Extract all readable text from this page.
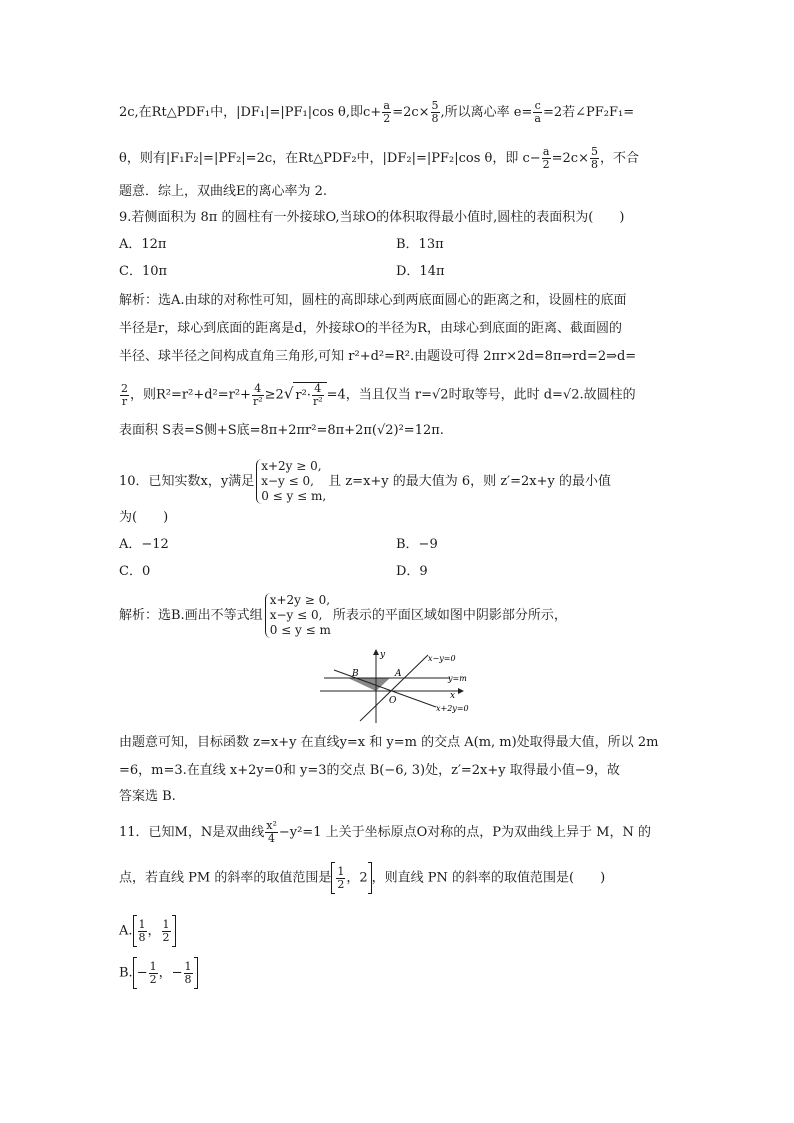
2c,在Rt△PDF₁中，|DF₁|=|PF₁|cos θ,即$c+ \frac{a}{2} =2c\times \frac{5}{8}$ ,所以离心率 $e= \frac{c}{a} =2$若∠PF₂F₁=
θ，则有|F₁F₂|=|PF₂|=2c，在Rt△PDF₂中，|DF₂|=|PF₂|cos θ，即 $c- \frac{a}{2} =2c\times \frac{5}{8}$ ，不合
题意．综上，双曲线E的离心率为 2.
9.若侧面积为 8π 的圆柱有一外接球O,当球O的体积取得最小值时,圆柱的表面积为(　　)
A．12π	B．13π
C．10π	D．14π
解析：选A.由球的对称性可知，圆柱的高即球心到两底面圆心的距离之和，设圆柱的底面
半径是r，球心到底面的距离是d，外接球O的半径为R，由球心到底面的距离、截面圆的
半径、球半径之间构成直角三角形,可知 r²+d²=R².由题设可得 2πr×2d=8π⇒rd=2⇒d=
$\frac{2}{r}$ ，则$R^2=r^2+d^2=r^2+ \frac{4}{\text{r²}} \ge 2√$ $r^2\cdot \frac{4}{\text{r²}} =4$，当且仅当 r=√2时取等号，此时 d=√2.故圆柱的
表面积 S表=S侧+S底=8π+2πr²=8π+2π(√2)²=12π.
10．已知实数x，y满足
x+2y ≥ 0,
x−y ≤ 0,
0 ≤ y ≤ m,
且 z=x+y 的最大值为 6，则 z′=2x+y 的最小值
为(　　)
A．−12	B．−9
C．0	D．9
解析：选B.画出不等式组
x+2y ≥ 0,
x−y ≤ 0,
0 ≤ y ≤ m
所表示的平面区域如图中阴影部分所示，
y
x
O
A
B
x−y=0
y=m
x+2y=0
由题意可知，目标函数 z=x+y 在直线y=x 和 y=m 的交点 A(m, m)处取得最大值，所以 2m
=6，m=3.在直线 x+2y=0和 y=3的交点 B(−6, 3)处，z′=2x+y 取得最小值−9，故
答案选 B.
11．已知M，N是双曲线 $\frac{\text{x²}}{4} -y^2=1$ 上关于坐标原点O对称的点，P为双曲线上异于 M，N 的
点，若直线 PM 的斜率的取值范围是 $\frac{1}{2}$ ，2 ，则直线 PN 的斜率的取值范围是(　　)
A. $\frac{1}{8}$ ， $\frac{1}{2}$
B. − $\frac{1}{2}$ ，− $\frac{1}{8}$
